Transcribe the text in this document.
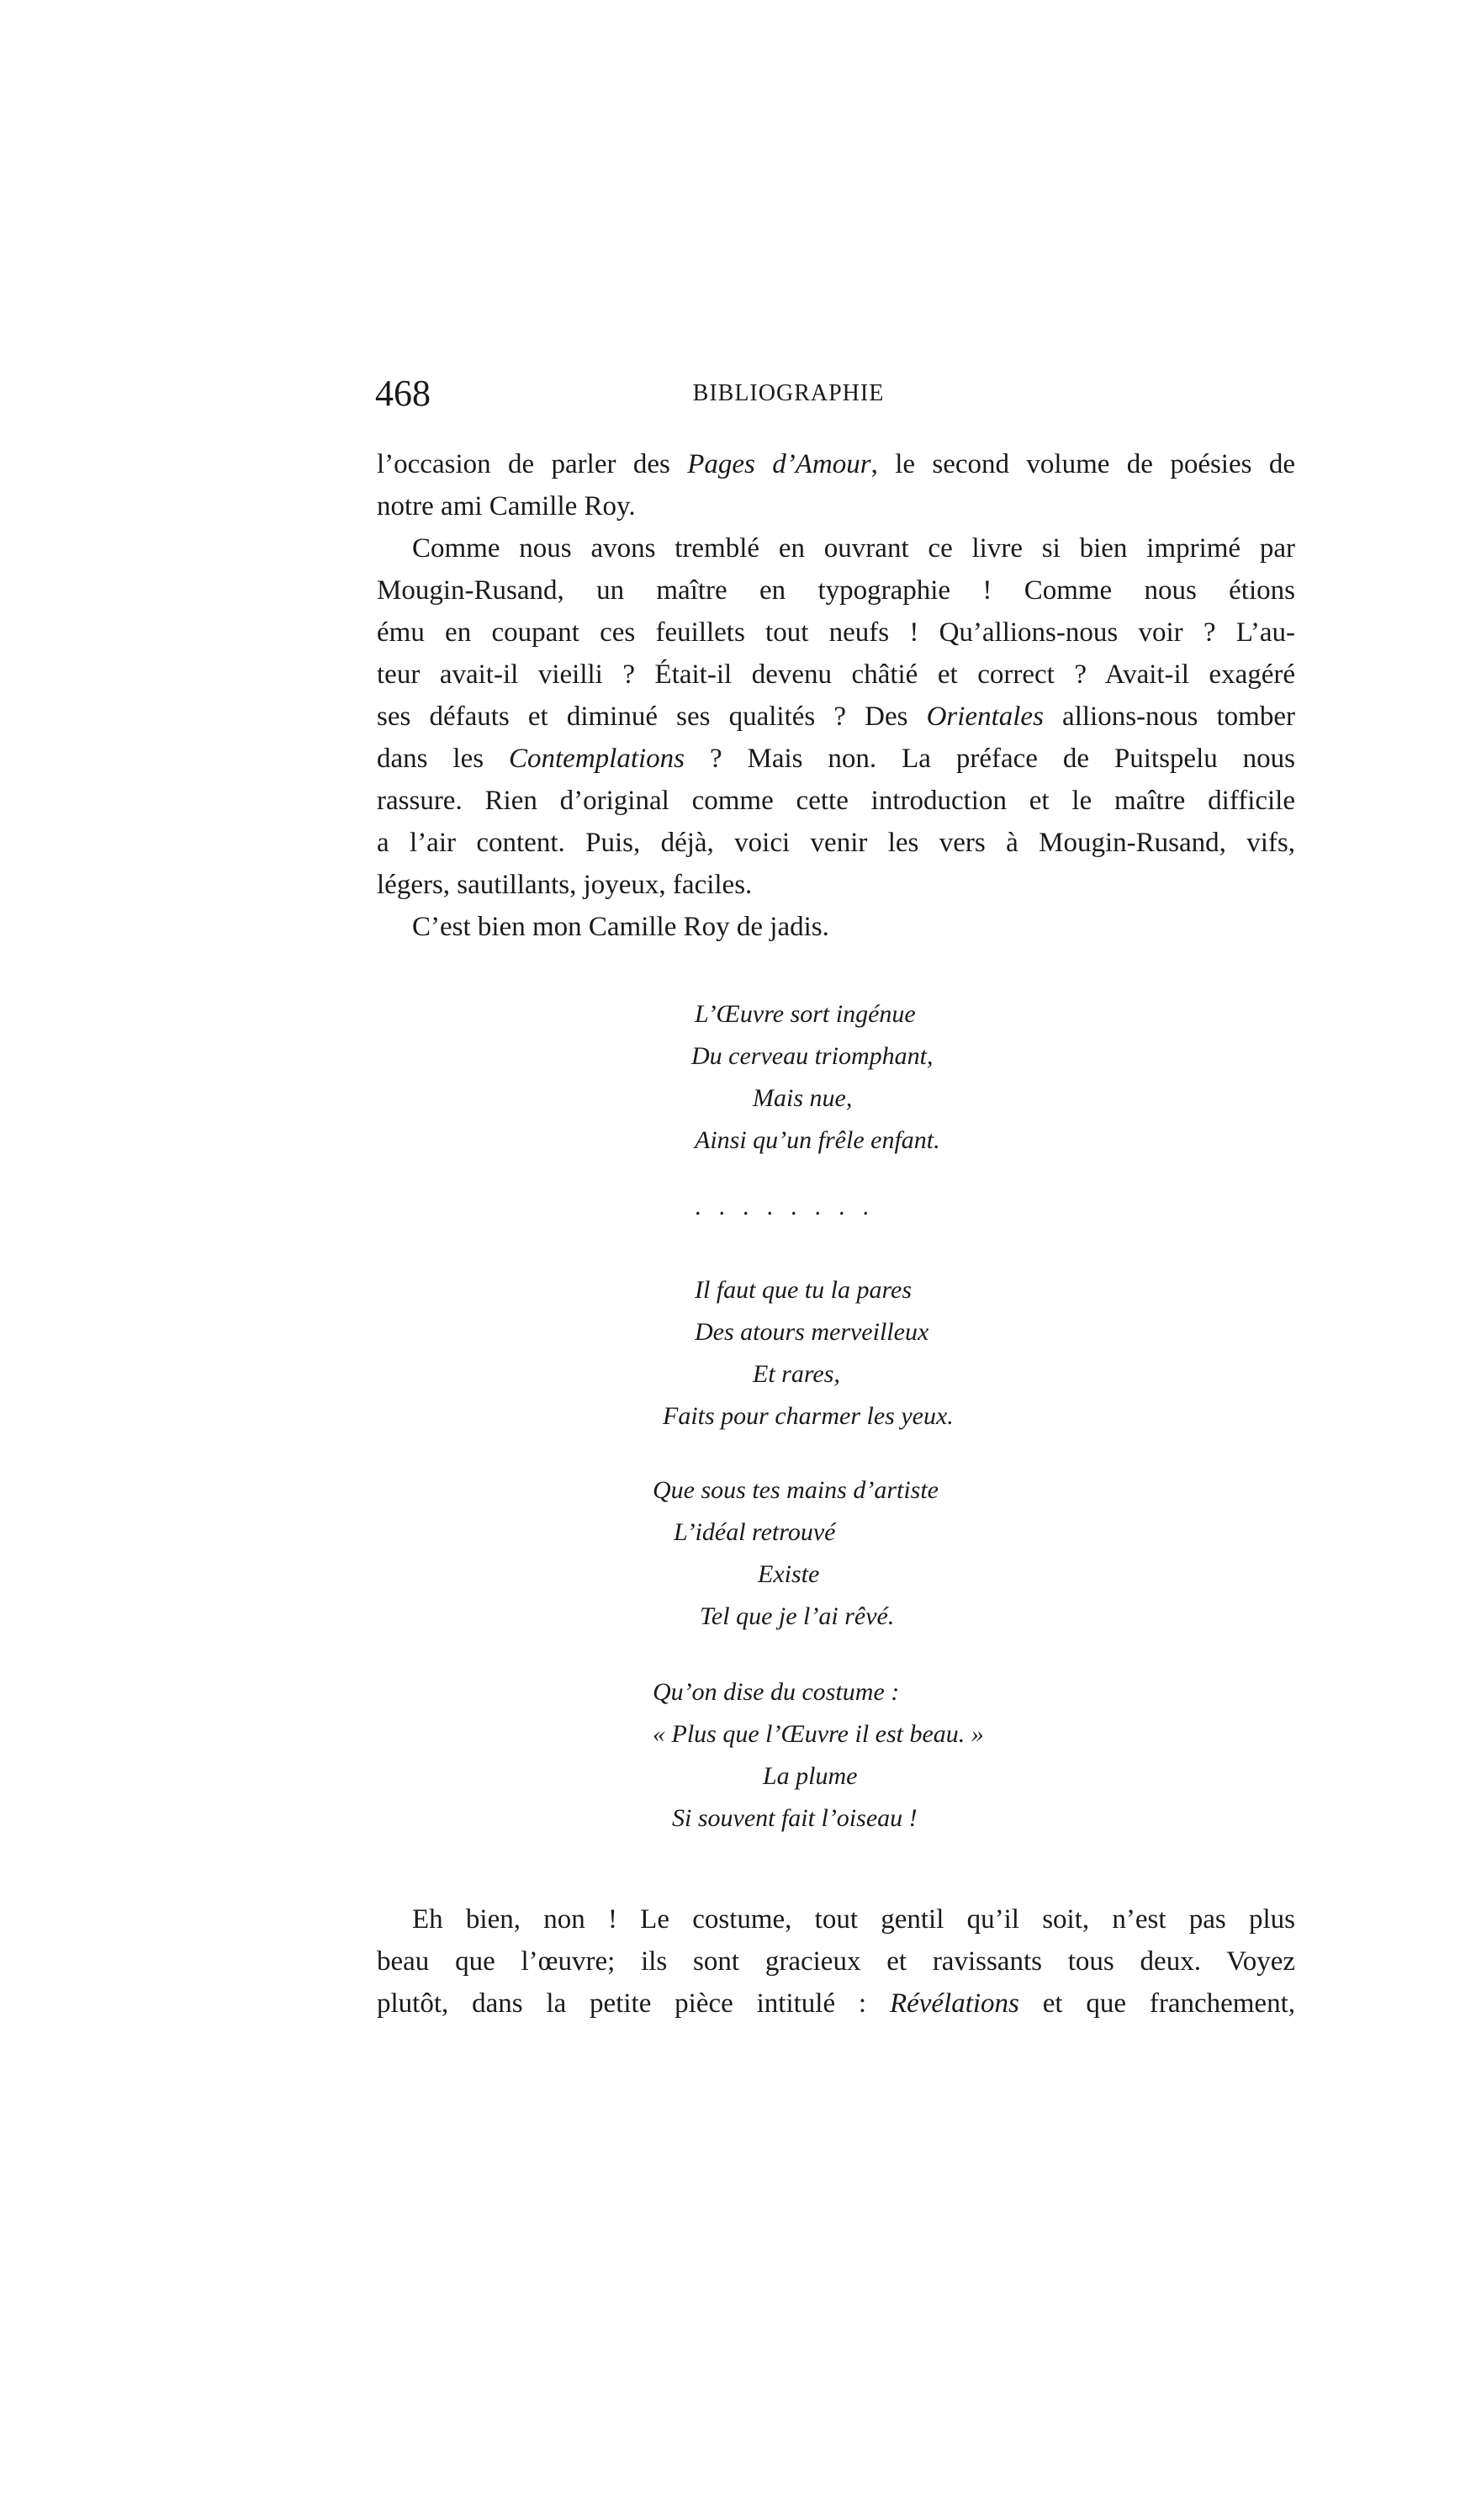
468	BIBLIOGRAPHIE
l’occasion de parler des Pages d’Amour, le second volume de poésies de
notre ami Camille Roy.
Comme nous avons tremblé en ouvrant ce livre si bien imprimé par
Mougin-Rusand, un maître en typographie ! Comme nous étions
ému en coupant ces feuillets tout neufs ! Qu’allions-nous voir ? L’au-
teur avait-il vieilli ? Était-il devenu châtié et correct ? Avait-il exagéré
ses défauts et diminué ses qualités ? Des Orientales allions-nous tomber
dans les Contemplations ? Mais non. La préface de Puitspelu nous
rassure. Rien d’original comme cette introduction et le maître difficile
a l’air content. Puis, déjà, voici venir les vers à Mougin-Rusand, vifs,
légers, sautillants, joyeux, faciles.
C’est bien mon Camille Roy de jadis.
Eh bien, non ! Le costume, tout gentil qu’il soit, n’est pas plus
beau que l’œuvre; ils sont gracieux et ravissants tous deux. Voyez
plutôt, dans la petite pièce intitulé : Révélations et que franchement,
L’Œuvre sort ingénue
Du cerveau triomphant,
Mais nue,
Ainsi qu’un frêle enfant.
Il faut que tu la pares
Des atours merveilleux
Et rares,
Faits pour charmer les yeux.
Que sous tes mains d’artiste
L’idéal retrouvé
Existe
Tel que je l’ai rêvé.
Qu’on dise du costume :
« Plus que l’Œuvre il est beau. »
La plume
Si souvent fait l’oiseau !
........
